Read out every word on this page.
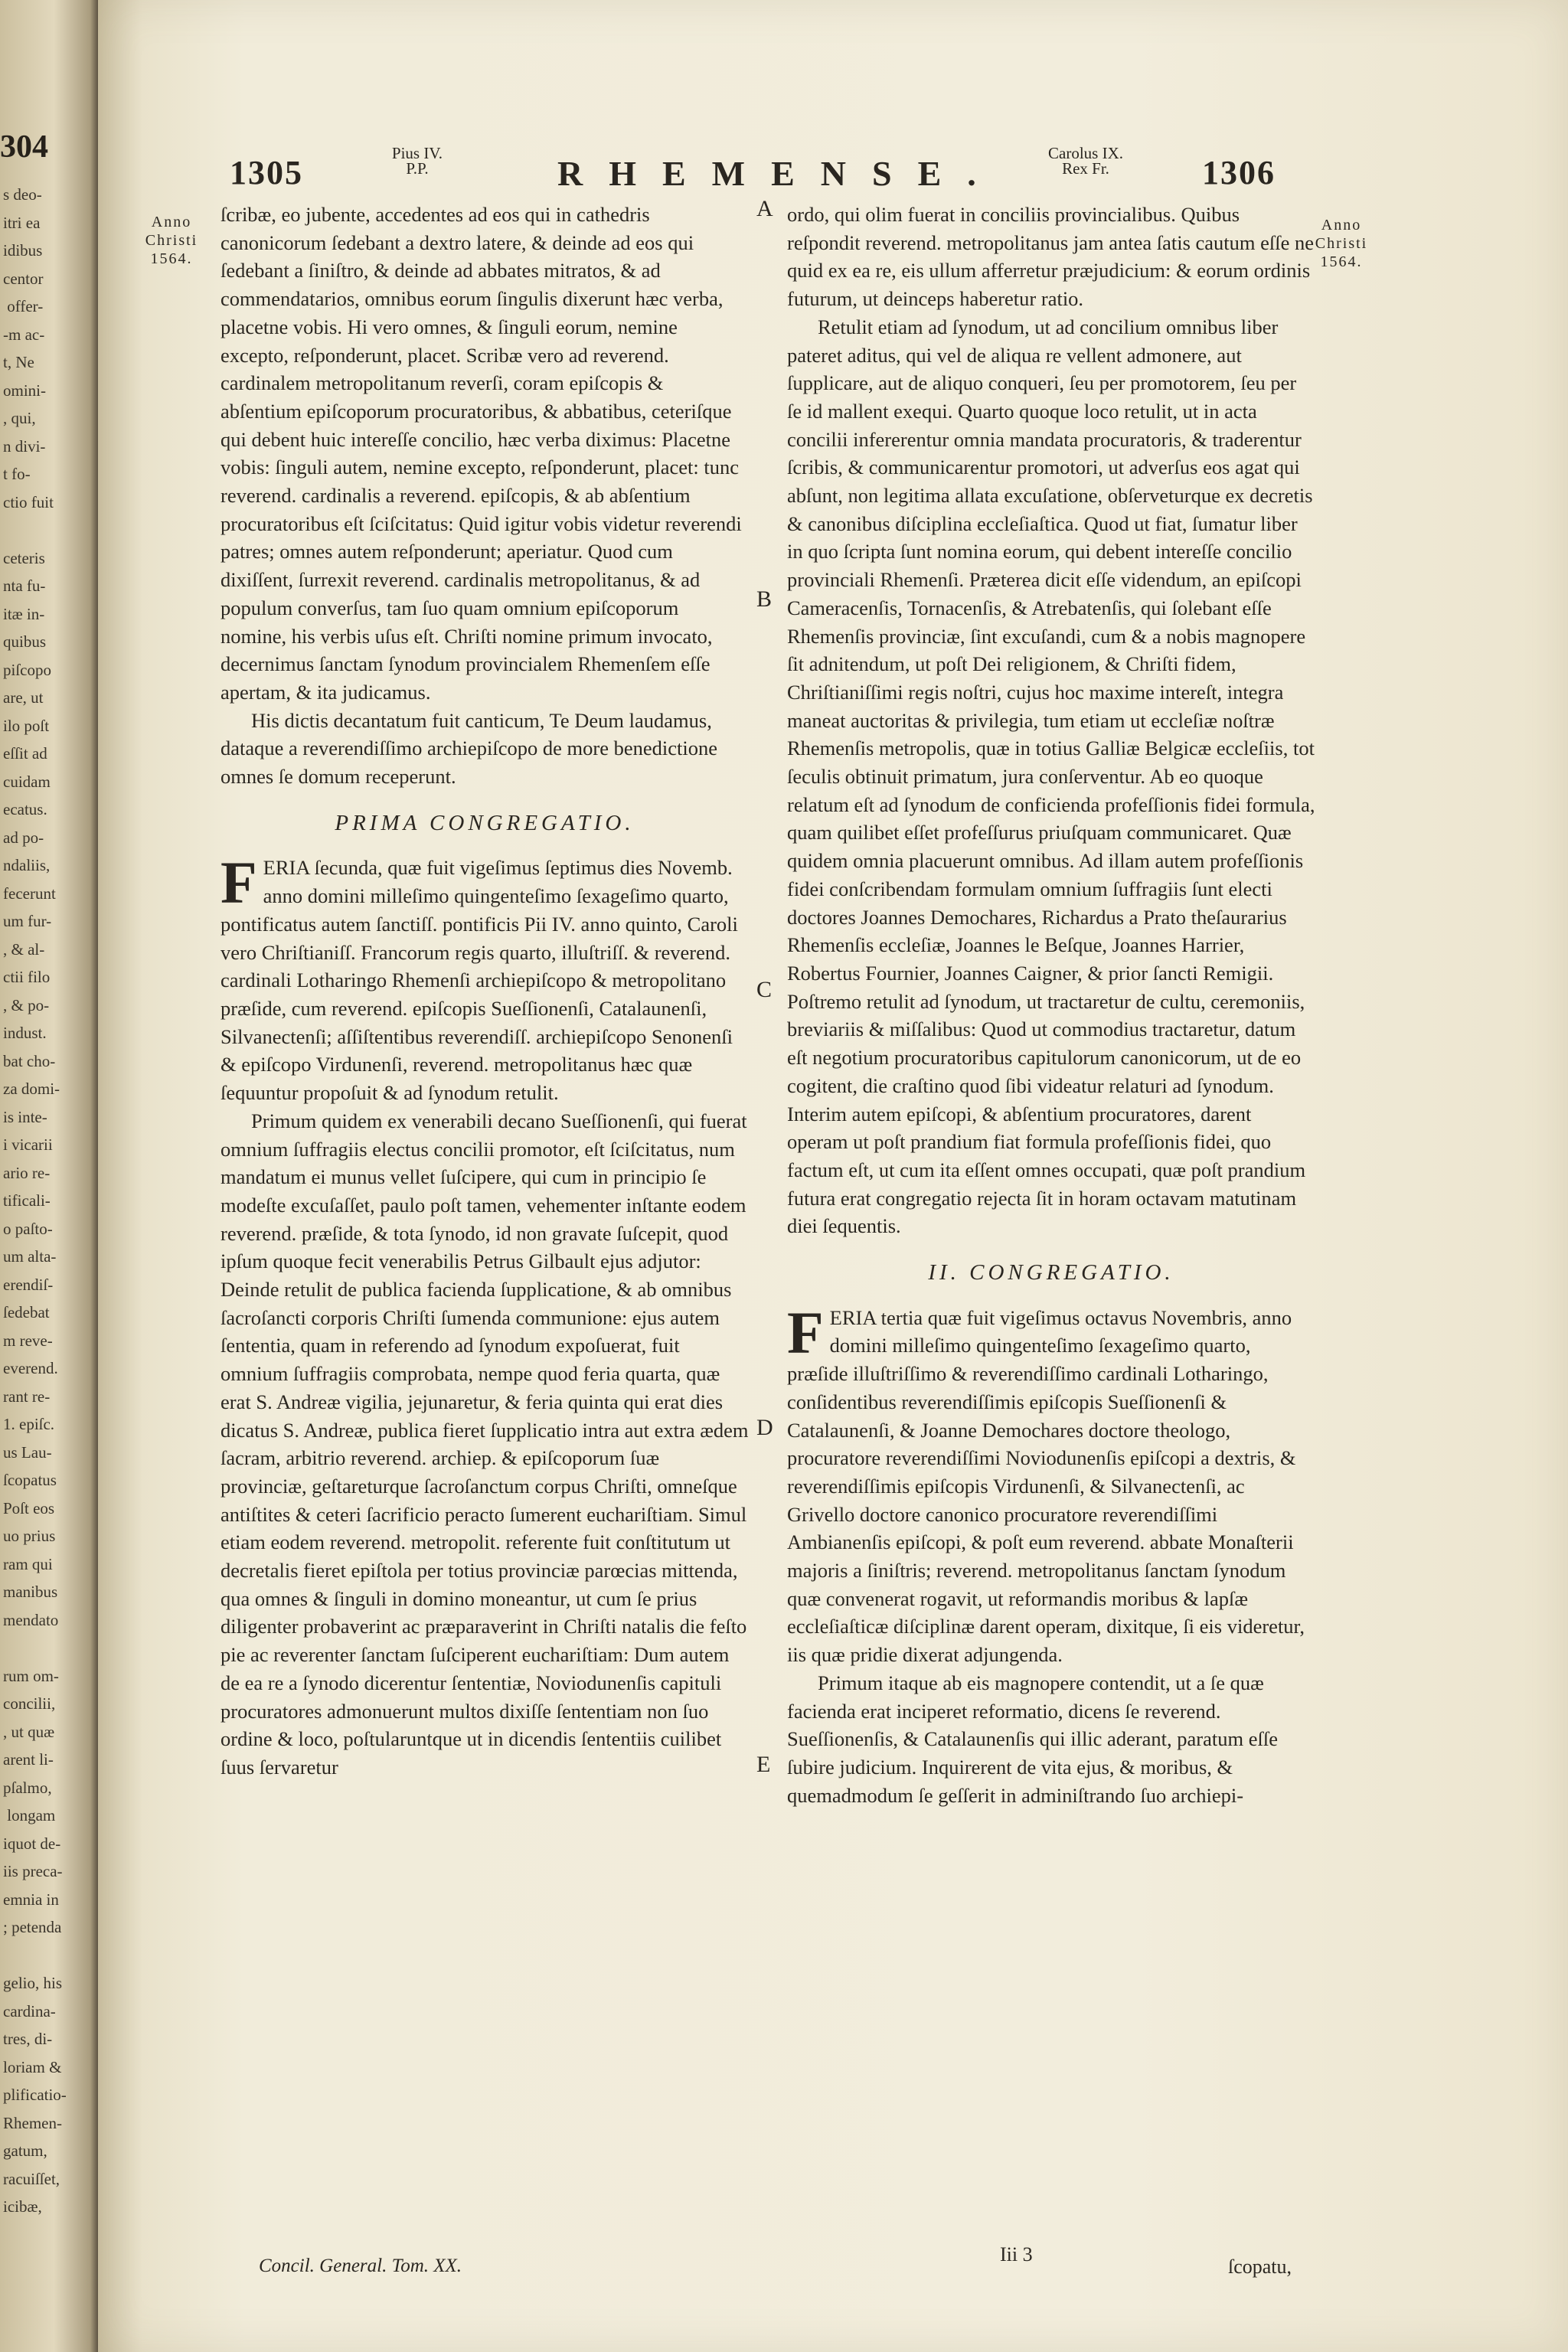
304
s deo-
itri ea
idibus
centor
offer-
-m ac-
t, Ne
omini-
, qui,
n divi-
t fo-
ctio fuit

ceteris
nta fu-
itæ in-
quibus
piſcopo
are, ut
ilo poſt
eſſit ad
cuidam
ecatus.
ad po-
ndaliis,
fecerunt
um fur-
, & al-
ctii filo
, & po-
indust.
bat cho-
za domi-
is inte-
i vicarii
ario re-
tificali-
o paſto-
um alta-
erendiſ-
ſedebat
m reve-
everend.
rant re-
1. epiſc.
us Lau-
ſcopatus
Poſt eos
uo prius
ram qui
manibus
mendato

rum om-
concilii,
, ut quæ
arent li-
pſalmo,
longam
iquot de-
iis preca-
emnia in
; petenda

gelio, his
cardina-
tres, di-
loriam &
plificatio-
Rhemen-
gatum,
racuiſſet,
icibæ,
1305
Pius IV.
P.P.	RHEMENSE.
Carolus IX.
Rex Fr.	1306
Anno
Christi
1564.
Anno
Christi
1564.
A
B
C
D
E

ſcribæ, eo jubente, accedentes ad eos qui in cathedris canonicorum ſedebant a dextro latere, & deinde ad eos qui ſedebant a ſiniſtro, & deinde ad abbates mitratos, & ad commendatarios, omnibus eorum ſingulis dixerunt hæc verba, placetne vobis. Hi vero omnes, & ſinguli eorum, nemine excepto, reſponderunt, placet. Scribæ vero ad reverend. cardinalem metropolitanum reverſi, coram epiſcopis & abſentium epiſcoporum procuratoribus, & abbatibus, ceteriſque qui debent huic intereſſe concilio, hæc verba diximus: Placetne vobis: ſinguli autem, nemine excepto, reſponderunt, placet: tunc reverend. cardinalis a reverend. epiſcopis, & ab abſentium procuratoribus eſt ſciſcitatus: Quid igitur vobis videtur reverendi patres; omnes autem reſponderunt; aperiatur. Quod cum dixiſſent, ſurrexit reverend. cardinalis metropolitanus, & ad populum converſus, tam ſuo quam omnium epiſcoporum nomine, his verbis uſus eſt. Chriſti nomine primum invocato, decernimus ſanctam ſynodum provincialem Rhemenſem eſſe apertam, & ita judicamus.

His dictis decantatum fuit canticum, Te Deum laudamus, dataque a reverendiſſimo archiepiſcopo de more benedictione omnes ſe domum receperunt.

PRIMA CONGREGATIO.

FERIA ſecunda, quæ fuit vigeſimus ſeptimus dies Novemb. anno domini milleſimo quingenteſimo ſexageſimo quarto, pontificatus autem ſanctiſſ. pontificis Pii IV. anno quinto, Caroli vero Chriſtianiſſ. Francorum regis quarto, illuſtriſſ. & reverend. cardinali Lotharingo Rhemenſi archiepiſcopo & metropolitano præſide, cum reverend. epiſcopis Sueſſionenſi, Catalaunenſi, Silvanectenſi; aſſiſtentibus reverendiſſ. archiepiſcopo Senonenſi & epiſcopo Virdunenſi, reverend. metropolitanus hæc quæ ſequuntur propoſuit & ad ſynodum retulit.

Primum quidem ex venerabili decano Sueſſionenſi, qui fuerat omnium ſuffragiis electus concilii promotor, eſt ſciſcitatus, num mandatum ei munus vellet ſuſcipere, qui cum in principio ſe modeſte excuſaſſet, paulo poſt tamen, vehementer inſtante eodem reverend. præſide, & tota ſynodo, id non gravate ſuſcepit, quod ipſum quoque fecit venerabilis Petrus Gilbault ejus adjutor: Deinde retulit de publica facienda ſupplicatione, & ab omnibus ſacroſancti corporis Chriſti ſumenda communione: ejus autem ſententia, quam in referendo ad ſynodum expoſuerat, fuit omnium ſuffragiis comprobata, nempe quod feria quarta, quæ erat S. Andreæ vigilia, jejunaretur, & feria quinta qui erat dies dicatus S. Andreæ, publica fieret ſupplicatio intra aut extra ædem ſacram, arbitrio reverend. archiep. & epiſcoporum ſuæ provinciæ, geſtareturque ſacroſanctum corpus Chriſti, omneſque antiſtites & ceteri ſacrificio peracto ſumerent euchariſtiam. Simul etiam eodem reverend. metropolit. referente fuit conſtitutum ut decretalis fieret epiſtola per totius provinciæ parœcias mittenda, qua omnes & ſinguli in domino moneantur, ut cum ſe prius diligenter probaverint ac præparaverint in Chriſti natalis die feſto pie ac reverenter ſanctam ſuſciperent euchariſtiam: Dum autem de ea re a ſynodo dicerentur ſententiæ, Noviodunenſis capituli procuratores admonuerunt multos dixiſſe ſententiam non ſuo ordine & loco, poſtularuntque ut in dicendis ſententiis cuilibet ſuus ſervaretur

ordo, qui olim fuerat in conciliis provincialibus. Quibus reſpondit reverend. metropolitanus jam antea ſatis cautum eſſe ne quid ex ea re, eis ullum afferretur præjudicium: & eorum ordinis futurum, ut deinceps haberetur ratio.

Retulit etiam ad ſynodum, ut ad concilium omnibus liber pateret aditus, qui vel de aliqua re vellent admonere, aut ſupplicare, aut de aliquo conqueri, ſeu per promotorem, ſeu per ſe id mallent exequi. Quarto quoque loco retulit, ut in acta concilii infererentur omnia mandata procuratoris, & traderentur ſcribis, & communicarentur promotori, ut adverſus eos agat qui abſunt, non legitima allata excuſatione, obſerveturque ex decretis & canonibus diſciplina eccleſiaſtica. Quod ut fiat, ſumatur liber in quo ſcripta ſunt nomina eorum, qui debent intereſſe concilio provinciali Rhemenſi. Præterea dicit eſſe videndum, an epiſcopi Cameracenſis, Tornacenſis, & Atrebatenſis, qui ſolebant eſſe Rhemenſis provinciæ, ſint excuſandi, cum & a nobis magnopere ſit adnitendum, ut poſt Dei religionem, & Chriſti fidem, Chriſtianiſſimi regis noſtri, cujus hoc maxime intereſt, integra maneat auctoritas & privilegia, tum etiam ut eccleſiæ noſtræ Rhemenſis metropolis, quæ in totius Galliæ Belgicæ eccleſiis, tot ſeculis obtinuit primatum, jura conſerventur. Ab eo quoque relatum eſt ad ſynodum de conficienda profeſſionis fidei formula, quam quilibet eſſet profeſſurus priuſquam communicaret. Quæ quidem omnia placuerunt omnibus. Ad illam autem profeſſionis fidei conſcribendam formulam omnium ſuffragiis ſunt electi doctores Joannes Demochares, Richardus a Prato theſaurarius Rhemenſis eccleſiæ, Joannes le Beſque, Joannes Harrier, Robertus Fournier, Joannes Caigner, & prior ſancti Remigii. Poſtremo retulit ad ſynodum, ut tractaretur de cultu, ceremoniis, breviariis & miſſalibus: Quod ut commodius tractaretur, datum eſt negotium procuratoribus capitulorum canonicorum, ut de eo cogitent, die craſtino quod ſibi videatur relaturi ad ſynodum. Interim autem epiſcopi, & abſentium procuratores, darent operam ut poſt prandium fiat formula profeſſionis fidei, quo factum eſt, ut cum ita eſſent omnes occupati, quæ poſt prandium futura erat congregatio rejecta ſit in horam octavam matutinam diei ſequentis.

II. CONGREGATIO.

FERIA tertia quæ fuit vigeſimus octavus Novembris, anno domini milleſimo quingenteſimo ſexageſimo quarto, præſide illuſtriſſimo & reverendiſſimo cardinali Lotharingo, conſidentibus reverendiſſimis epiſcopis Sueſſionenſi & Catalaunenſi, & Joanne Demochares doctore theologo, procuratore reverendiſſimi Noviodunenſis epiſcopi a dextris, & reverendiſſimis epiſcopis Virdunenſi, & Silvanectenſi, ac Grivello doctore canonico procuratore reverendiſſimi Ambianenſis epiſcopi, & poſt eum reverend. abbate Monaſterii majoris a ſiniſtris; reverend. metropolitanus ſanctam ſynodum quæ convenerat rogavit, ut reformandis moribus & lapſæ eccleſiaſticæ diſciplinæ darent operam, dixitque, ſi eis videretur, iis quæ pridie dixerat adjungenda.

Primum itaque ab eis magnopere contendit, ut a ſe quæ facienda erat inciperet reformatio, dicens ſe reverend. Sueſſionenſis, & Catalaunenſis qui illic aderant, paratum eſſe ſubire judicium. Inquirerent de vita ejus, & moribus, & quemadmodum ſe geſſerit in adminiſtrando ſuo archiepi-

Concil. General. Tom. XX.
Iii 3
ſcopatu,
